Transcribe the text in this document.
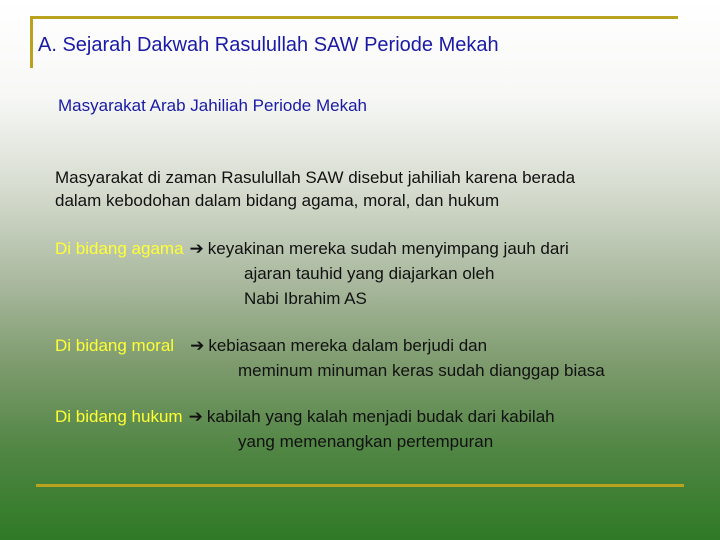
A. Sejarah Dakwah Rasulullah SAW Periode Mekah
Masyarakat Arab Jahiliah Periode Mekah
Masyarakat di zaman Rasulullah SAW disebut jahiliah karena berada
dalam kebodohan dalam bidang agama, moral, dan hukum
Di bidang agama ➔ keyakinan mereka sudah menyimpang jauh dari
ajaran tauhid yang diajarkan oleh
Nabi Ibrahim AS
Di bidang moral ➔ kebiasaan mereka dalam berjudi dan
meminum minuman keras sudah dianggap biasa
Di bidang hukum ➔ kabilah yang kalah menjadi budak dari kabilah
yang memenangkan pertempuran
